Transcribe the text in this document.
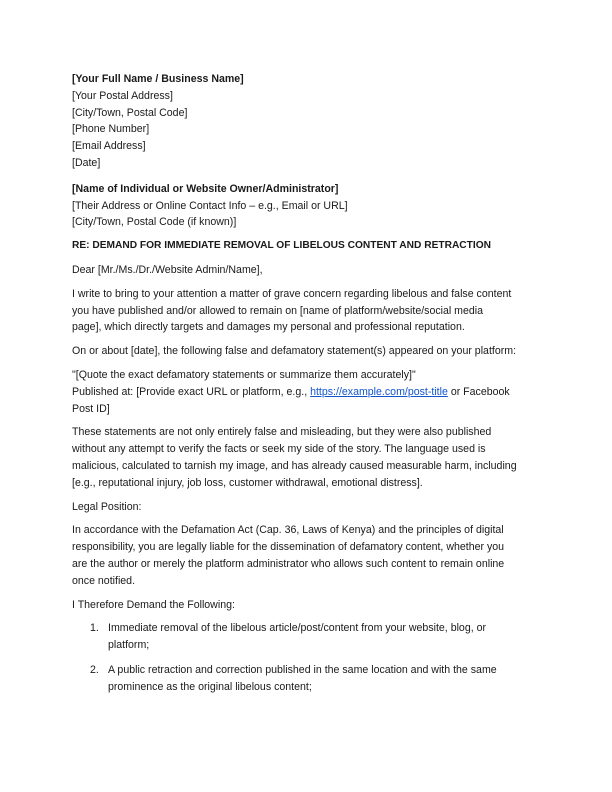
[Your Full Name / Business Name]
[Your Postal Address]
[City/Town, Postal Code]
[Phone Number]
[Email Address]
[Date]
[Name of Individual or Website Owner/Administrator]
[Their Address or Online Contact Info – e.g., Email or URL]
[City/Town, Postal Code (if known)]
RE: DEMAND FOR IMMEDIATE REMOVAL OF LIBELOUS CONTENT AND RETRACTION
Dear [Mr./Ms./Dr./Website Admin/Name],
I write to bring to your attention a matter of grave concern regarding libelous and false content
you have published and/or allowed to remain on [name of platform/website/social media
page], which directly targets and damages my personal and professional reputation.
On or about [date], the following false and defamatory statement(s) appeared on your platform:
"[Quote the exact defamatory statements or summarize them accurately]"
Published at: [Provide exact URL or platform, e.g., https://example.com/post-title or Facebook
Post ID]
These statements are not only entirely false and misleading, but they were also published
without any attempt to verify the facts or seek my side of the story. The language used is
malicious, calculated to tarnish my image, and has already caused measurable harm, including
[e.g., reputational injury, job loss, customer withdrawal, emotional distress].
Legal Position:
In accordance with the Defamation Act (Cap. 36, Laws of Kenya) and the principles of digital
responsibility, you are legally liable for the dissemination of defamatory content, whether you
are the author or merely the platform administrator who allows such content to remain online
once notified.
I Therefore Demand the Following:
1. Immediate removal of the libelous article/post/content from your website, blog, or
platform;
2. A public retraction and correction published in the same location and with the same
prominence as the original libelous content;
